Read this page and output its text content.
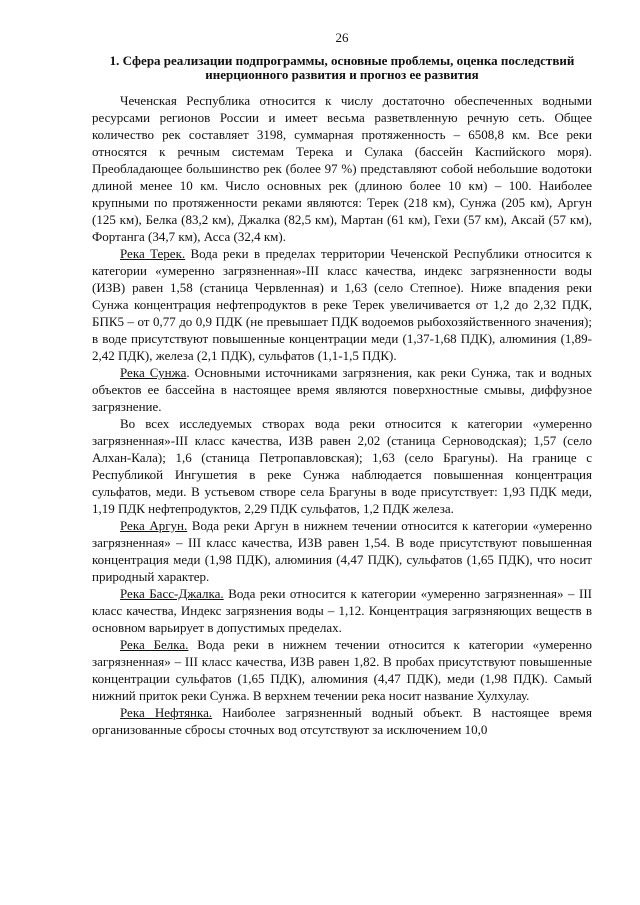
26
1. Сфера реализации подпрограммы, основные проблемы, оценка последствий инерционного развития и прогноз ее развития

Чеченская Республика относится к числу достаточно обеспеченных водными ресурсами регионов России и имеет весьма разветвленную речную сеть. Общее количество рек составляет 3198, суммарная протяженность – 6508,8 км. Все реки относятся к речным системам Терека и Сулака (бассейн Каспийского моря). Преобладающее большинство рек (более 97 %) представляют собой небольшие водотоки длиной менее 10 км. Число основных рек (длиною более 10 км) – 100. Наиболее крупными по протяженности реками являются: Терек (218 км), Сунжа (205 км), Аргун (125 км), Белка (83,2 км), Джалка (82,5 км), Мартан (61 км), Гехи (57 км), Аксай (57 км), Фортанга (34,7 км), Асса (32,4 км).

Река Терек. Вода реки в пределах территории Чеченской Республики относится к категории «умеренно загрязненная»-III класс качества, индекс загрязненности воды (ИЗВ) равен 1,58 (станица Червленная) и 1,63 (село Степное). Ниже впадения реки Сунжа концентрация нефтепродуктов в реке Терек увеличивается от 1,2 до 2,32 ПДК, БПК5 – от 0,77 до 0,9 ПДК (не превышает ПДК водоемов рыбохозяйственного значения); в воде присутствуют повышенные концентрации меди (1,37-1,68 ПДК), алюминия (1,89-2,42 ПДК), железа (2,1 ПДК), сульфатов (1,1-1,5 ПДК).

Река Сунжа. Основными источниками загрязнения, как реки Сунжа, так и водных объектов ее бассейна в настоящее время являются поверхностные смывы, диффузное загрязнение.

Во всех исследуемых створах вода реки относится к категории «умеренно загрязненная»-III класс качества, ИЗВ равен 2,02 (станица Серноводская); 1,57 (село Алхан-Кала); 1,6 (станица Петропавловская); 1,63 (село Брагуны). На границе с Республикой Ингушетия в реке Сунжа наблюдается повышенная концентрация сульфатов, меди. В устьевом створе села Брагуны в воде присутствует: 1,93 ПДК меди, 1,19 ПДК нефтепродуктов, 2,29 ПДК сульфатов, 1,2 ПДК железа.

Река Аргун. Вода реки Аргун в нижнем течении относится к категории «умеренно загрязненная» – III класс качества, ИЗВ равен 1,54. В воде присутствуют повышенная концентрация меди (1,98 ПДК), алюминия (4,47 ПДК), сульфатов (1,65 ПДК), что носит природный характер.

Река Басс-Джалка. Вода реки относится к категории «умеренно загрязненная» – III класс качества, Индекс загрязнения воды – 1,12. Концентрация загрязняющих веществ в основном варьирует в допустимых пределах.

Река Белка. Вода реки в нижнем течении относится к категории «умеренно загрязненная» – III класс качества, ИЗВ равен 1,82. В пробах присутствуют повышенные концентрации сульфатов (1,65 ПДК), алюминия (4,47 ПДК), меди (1,98 ПДК). Самый нижний приток реки Сунжа. В верхнем течении река носит название Хулхулау.

Река Нефтянка. Наиболее загрязненный водный объект. В настоящее время организованные сбросы сточных вод отсутствуют за исключением 10,0
